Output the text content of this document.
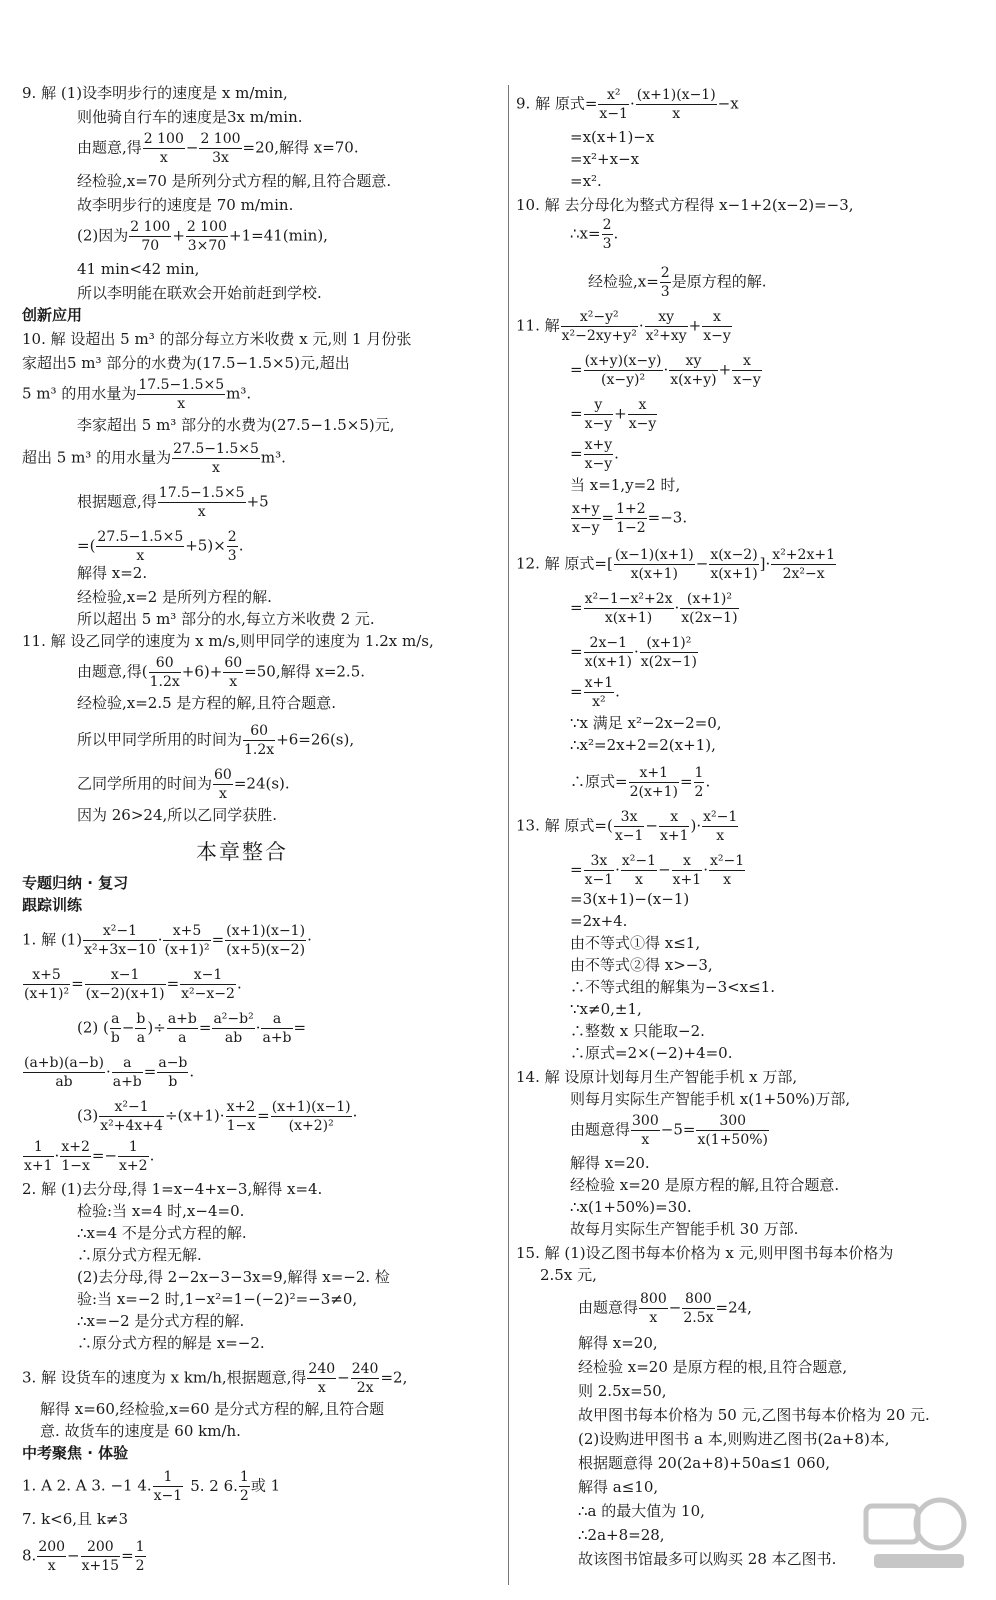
9. 解 (1)设李明步行的速度是 x m/min,
则他骑自行车的速度是3x m/min.
由题意,得 $\frac{2 100}{x} - \frac{2 100}{3x} =20$,解得 x=70.
经检验,x=70 是所列分式方程的解,且符合题意.
故李明步行的速度是 70 m/min.
(2)因为 $\frac{2 100}{70} + \frac{2 100}{3\times 70} +1=41(\min)$,
41 min<42 min,
所以李明能在联欢会开始前赶到学校.
创新应用
10. 解 设超出 5 m³ 的部分每立方米收费 x 元,则 1 月份张
家超出5 m³ 部分的水费为(17.5−1.5×5)元,超出
5 m³ 的用水量为 $\frac{17.5-1.5\times 5}{x} m^3$.
李家超出 5 m³ 部分的水费为(27.5−1.5×5)元,
超出 5 m³ 的用水量为 $\frac{27.5-1.5\times 5}{x} m^3$.
根据题意,得 $\frac{17.5-1.5\times 5}{x} +5$
=( $\frac{27.5-1.5\times 5}{x} +5)\times \frac{2}{3}$ .
解得 x=2.
经检验,x=2 是所列方程的解.
所以超出 5 m³ 部分的水,每立方米收费 2 元.
11. 解 设乙同学的速度为 x m/s,则甲同学的速度为 1.2x m/s,
由题意,得( $\frac{60}{1.2x} +6)+ \frac{60}{x} =50$,解得 x=2.5.
经检验,x=2.5 是方程的解,且符合题意.
所以甲同学所用的时间为 $\frac{60}{1.2x} +6=26(s)$,
乙同学所用的时间为 $\frac{60}{x} =24(s)$.
因为 26>24,所以乙同学获胜.
本章整合
专题归纳 · 复习
跟踪训练
1. 解 $(1) \frac{\text{x²−1}}{\text{x²+3x−10}} \cdot \frac{x+5}{\text{(x+1)²}} = \frac{(x+1)(x-1)}{(x+5)(x-2)}$ ·
$\frac{x+5}{\text{(x+1)²}} = \frac{x-1}{(x-2)(x+1)} = \frac{x-1}{\text{x²−x−2}}$ .
(2) ( $\frac{a}{b} - \frac{b}{a}$ )÷ $\frac{a+b}{a} = \frac{\text{a²−b²}}{ab} \cdot \frac{a}{a+b}$ =
$\frac{(a+b)(a-b)}{ab} \cdot \frac{a}{a+b} = \frac{a-b}{b}$ .
$(3) \frac{\text{x²−1}}{\text{x²+4x+4}} \div(x+1)\cdot \frac{x+2}{1-x} = \frac{(x+1)(x-1)}{\text{(x+2)²}}$ ·
$\frac{1}{x+1} \cdot \frac{x+2}{1-x} =- \frac{1}{x+2}$ .
2. 解 (1)去分母,得 1=x−4+x−3,解得 x=4.
检验:当 x=4 时,x−4=0.
∴x=4 不是分式方程的解.
∴原分式方程无解.
(2)去分母,得 2−2x−3−3x=9,解得 x=−2. 检
验:当 x=−2 时,1−x²=1−(−2)²=−3≠0,
∴x=−2 是分式方程的解.
∴原分式方程的解是 x=−2.
3. 解 设货车的速度为 x km/h,根据题意,得 $\frac{240}{x} - \frac{240}{2x} =2$,
解得 x=60,经检验,x=60 是分式方程的解,且符合题
意. 故货车的速度是 60 km/h.
中考聚焦 · 体验
1. A 2. A 3. −1 4. $\frac{1}{x-1} 5$. 2 6. $\frac{1}{2}$ 或 1
7. k<6,且 k≠3
8. $\frac{200}{x} - \frac{200}{x+15} = \frac{1}{2}$
9. 解 原式= $\frac{\text{x²}}{x-1} \cdot \frac{(x+1)(x-1)}{x} -x$
=x(x+1)−x
=x²+x−x
=x².
10. 解 去分母化为整式方程得 x−1+2(x−2)=−3,
∴x= $\frac{2}{3}$ .
经检验$,x= \frac{2}{3}$ 是原方程的解.
11. 解 $\frac{\text{x²−y²}}{\text{x²−2xy+y²}} \cdot \frac{xy}{\text{x²+xy}} + \frac{x}{x-y}$
= $\frac{(x+y)(x-y)}{\text{(x−y)²}} \cdot \frac{xy}{x(x+y)} + \frac{x}{x-y}$
= $\frac{y}{x-y} + \frac{x}{x-y}$
= $\frac{x+y}{x-y}$ .
当 x=1,y=2 时,
$\frac{x+y}{x-y} = \frac{1+2}{1-2} =-3$.
12. 解 原式=[ $\frac{(x-1)(x+1)}{x(x+1)} - \frac{x(x-2)}{x(x+1)}$ ]· $\frac{\text{x²+2x+1}}{\text{2x²−x}}$
= $\frac{\text{x²−1−x²+2x}}{x(x+1)} \cdot \frac{\text{(x+1)²}}{x(2x-1)}$
= $\frac{2x-1}{x(x+1)} \cdot \frac{\text{(x+1)²}}{x(2x-1)}$
= $\frac{x+1}{\text{x²}}$ .
∵x 满足 x²−2x−2=0,
∴x²=2x+2=2(x+1),
∴原式= $\frac{x+1}{2(x+1)} = \frac{1}{2}$ .
13. 解 原式=( $\frac{3x}{x-1} - \frac{x}{x+1}$ )· $\frac{\text{x²−1}}{x}$
= $\frac{3x}{x-1} \cdot \frac{\text{x²−1}}{x} - \frac{x}{x+1} \cdot \frac{\text{x²−1}}{x}$
=3(x+1)−(x−1)
=2x+4.
由不等式①得 x≤1,
由不等式②得 x>−3,
∴不等式组的解集为−3<x≤1.
∵x≠0,±1,
∴整数 x 只能取−2.
∴原式=2×(−2)+4=0.
14. 解 设原计划每月生产智能手机 x 万部,
则每月实际生产智能手机 x(1+50%)万部,
由题意得 $\frac{300}{x} -5= \frac{300}{x(1+50\%)}$
解得 x=20.
经检验 x=20 是原方程的解,且符合题意.
∴x(1+50%)=30.
故每月实际生产智能手机 30 万部.
15. 解 (1)设乙图书每本价格为 x 元,则甲图书每本价格为
2.5x 元,
由题意得 $\frac{800}{x} - \frac{800}{2.5x} =24$,
解得 x=20,
经检验 x=20 是原方程的根,且符合题意,
则 2.5x=50,
故甲图书每本价格为 50 元,乙图书每本价格为 20 元.
(2)设购进甲图书 a 本,则购进乙图书(2a+8)本,
根据题意得 20(2a+8)+50a≤1 060,
解得 a≤10,
∴a 的最大值为 10,
∴2a+8=28,
故该图书馆最多可以购买 28 本乙图书.
